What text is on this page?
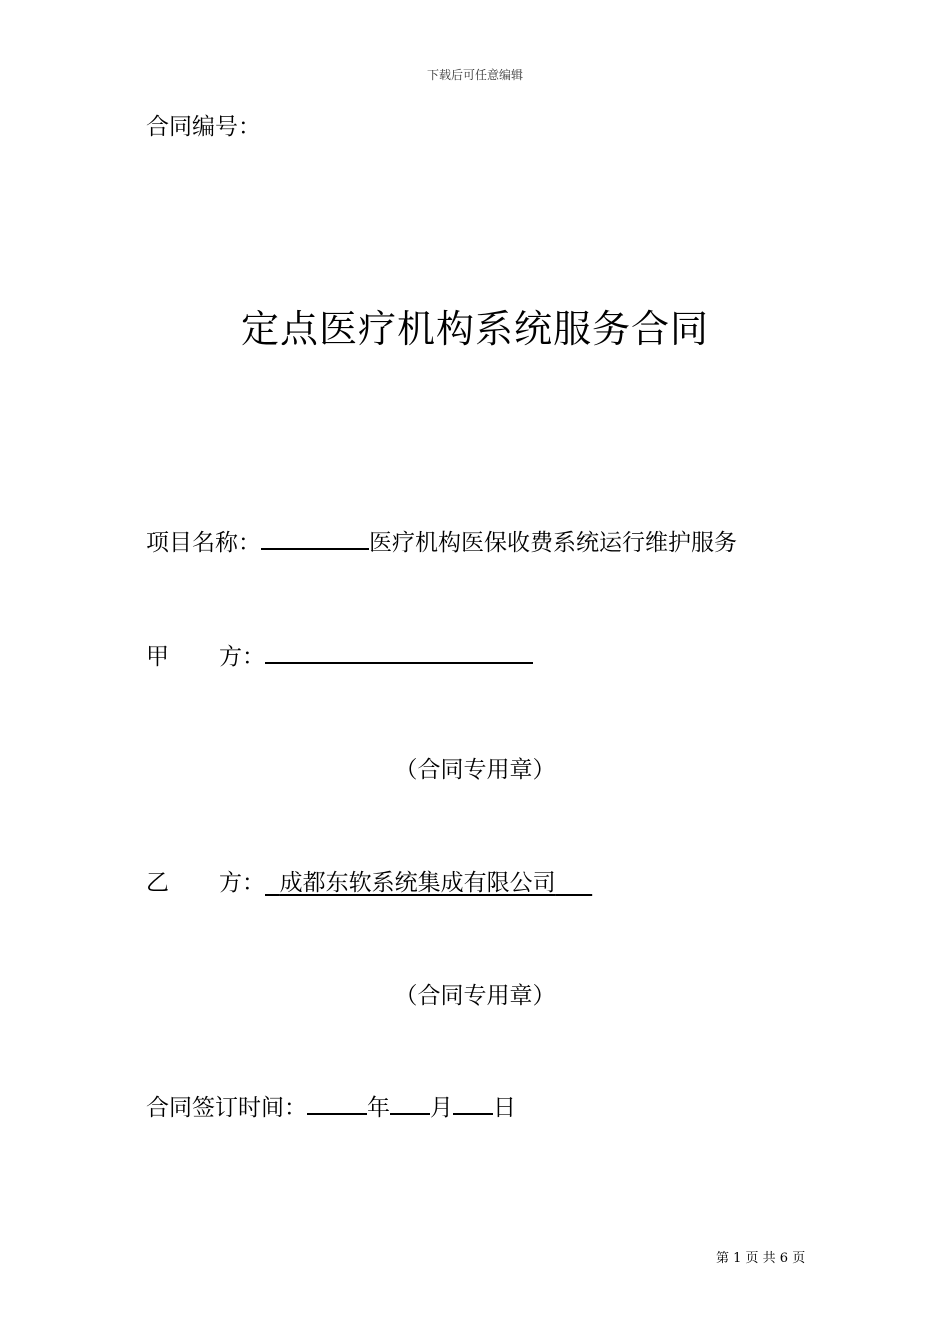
下载后可任意编辑
合同编号：
定点医疗机构系统服务合同
项目名称：	医疗机构医保收费系统运行维护服务
甲 方：
（合同专用章）
乙 方： 成都东软系统集成有限公司
（合同专用章）
合同签订时间：	年 月 日
第 1 页 共 6 页
